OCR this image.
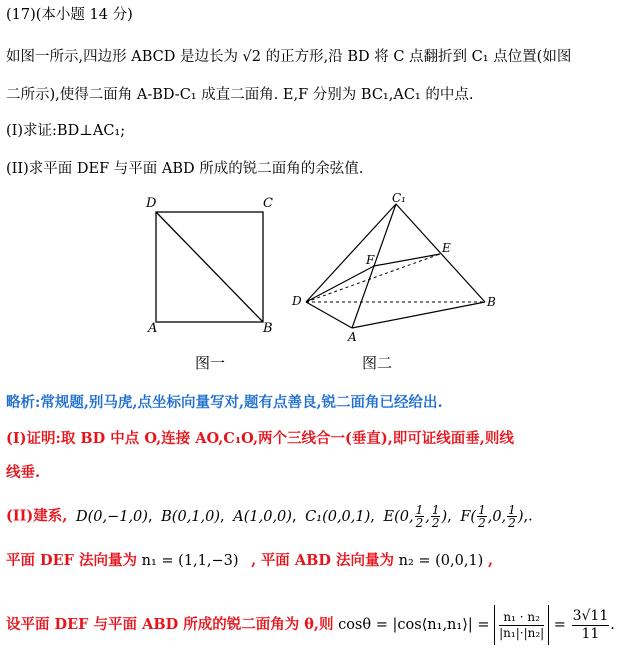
(17)(本小题 14 分)
如图一所示,四边形 ABCD 是边长为 √2 的正方形,沿 BD 将 C 点翻折到 C₁ 点位置(如图
二所示),使得二面角 A-BD-C₁ 成直二面角. E,F 分别为 BC₁,AC₁ 的中点.
(I)求证:BD⊥AC₁;
(II)求平面 DEF 与平面 ABD 所成的锐二面角的余弦值.
D	C
A	B
图一
C₁
E
F
D
A
B
图二
略析:常规题,别马虎,点坐标向量写对,题有点善良,锐二面角已经给出.
(I)证明:取 BD 中点 O,连接 AO,C₁O,两个三线合一(垂直),即可证线面垂,则线
线垂.
(II)建系, D(0,−1,0), B(0,1,0), A(1,0,0), C₁(0,0,1), E(0, $\frac{1}{2}$ , $\frac{1}{2}$ ), $F( \frac{1}{2} ,0$, $\frac{1}{2}$ ),.
平面 DEF 法向量为 n₁ = (1,1,−3) , 平面 ABD 法向量为 n₂ = (0,0,1) ,
设平面 DEF 与平面 ABD 所成的锐二面角为 θ,则 cosθ = |cos⟨n₁,n₁⟩| = $\frac{\text{n₁ · n₂}}{\text{|n₁|·|n₂|}} = \frac{3√11}{11}$ .
